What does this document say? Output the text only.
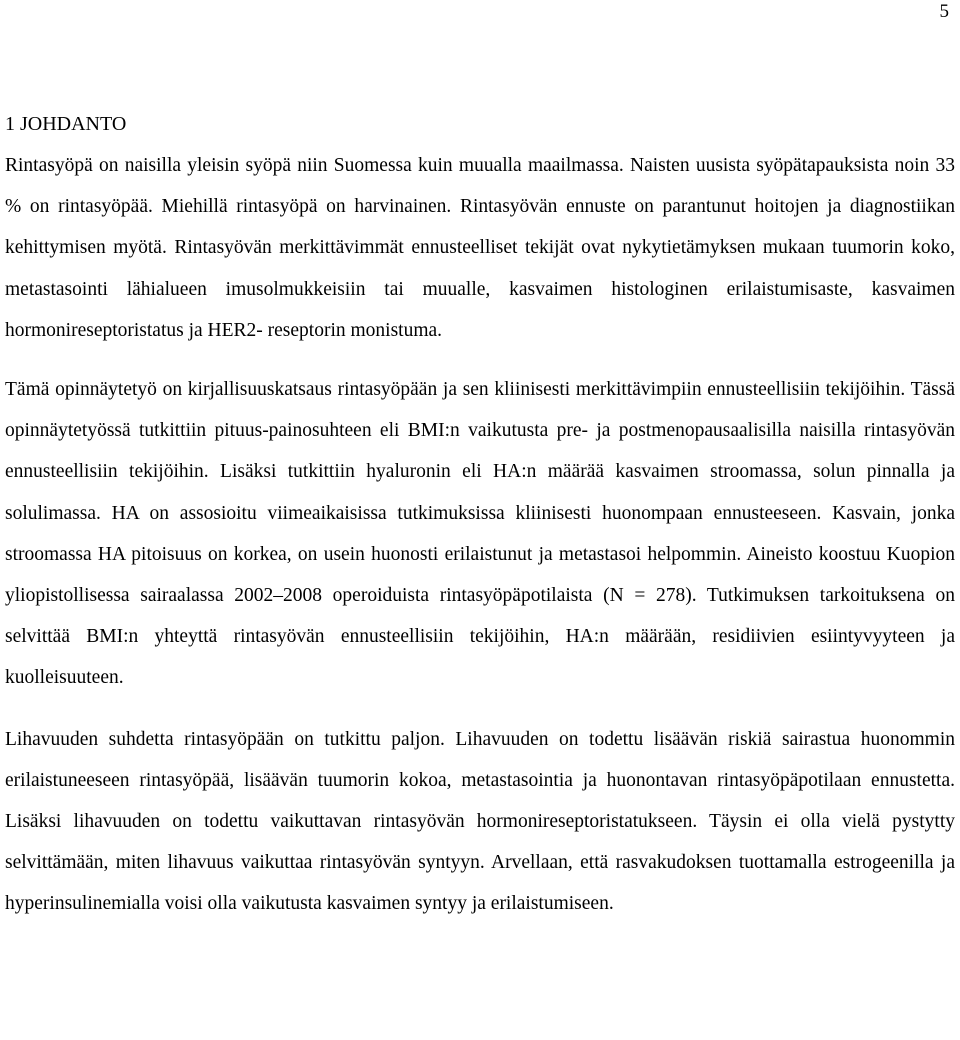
5
1 JOHDANTO

Rintasyöpä on naisilla yleisin syöpä niin Suomessa kuin muualla maailmassa. Naisten uusista syöpätapauksista noin 33 % on rintasyöpää. Miehillä rintasyöpä on harvinainen. Rintasyövän ennuste on parantunut hoitojen ja diagnostiikan kehittymisen myötä. Rintasyövän merkittävimmät ennusteelliset tekijät ovat nykytietämyksen mukaan tuumorin koko, metastasointi lähialueen imusolmukkeisiin tai muualle, kasvaimen histologinen erilaistumisaste, kasvaimen hormonireseptoristatus ja HER2- reseptorin monistuma.

Tämä opinnäytetyö on kirjallisuuskatsaus rintasyöpään ja sen kliinisesti merkittävimpiin ennusteellisiin tekijöihin. Tässä opinnäytetyössä tutkittiin pituus-painosuhteen eli BMI:n vaikutusta pre- ja postmenopausaalisilla naisilla rintasyövän ennusteellisiin tekijöihin. Lisäksi tutkittiin hyaluronin eli HA:n määrää kasvaimen stroomassa, solun pinnalla ja solulimassa. HA on assosioitu viimeaikaisissa tutkimuksissa kliinisesti huonompaan ennusteeseen. Kasvain, jonka stroomassa HA pitoisuus on korkea, on usein huonosti erilaistunut ja metastasoi helpommin. Aineisto koostuu Kuopion yliopistollisessa sairaalassa 2002–2008 operoiduista rintasyöpäpotilaista (N = 278). Tutkimuksen tarkoituksena on selvittää BMI:n yhteyttä rintasyövän ennusteellisiin tekijöihin, HA:n määrään, residiivien esiintyvyyteen ja kuolleisuuteen.

Lihavuuden suhdetta rintasyöpään on tutkittu paljon. Lihavuuden on todettu lisäävän riskiä sairastua huonommin erilaistuneeseen rintasyöpää, lisäävän tuumorin kokoa, metastasointia ja huonontavan rintasyöpäpotilaan ennustetta. Lisäksi lihavuuden on todettu vaikuttavan rintasyövän hormonireseptoristatukseen. Täysin ei olla vielä pystytty selvittämään, miten lihavuus vaikuttaa rintasyövän syntyyn. Arvellaan, että rasvakudoksen tuottamalla estrogeenilla ja hyperinsulinemialla voisi olla vaikutusta kasvaimen syntyy ja erilaistumiseen.
